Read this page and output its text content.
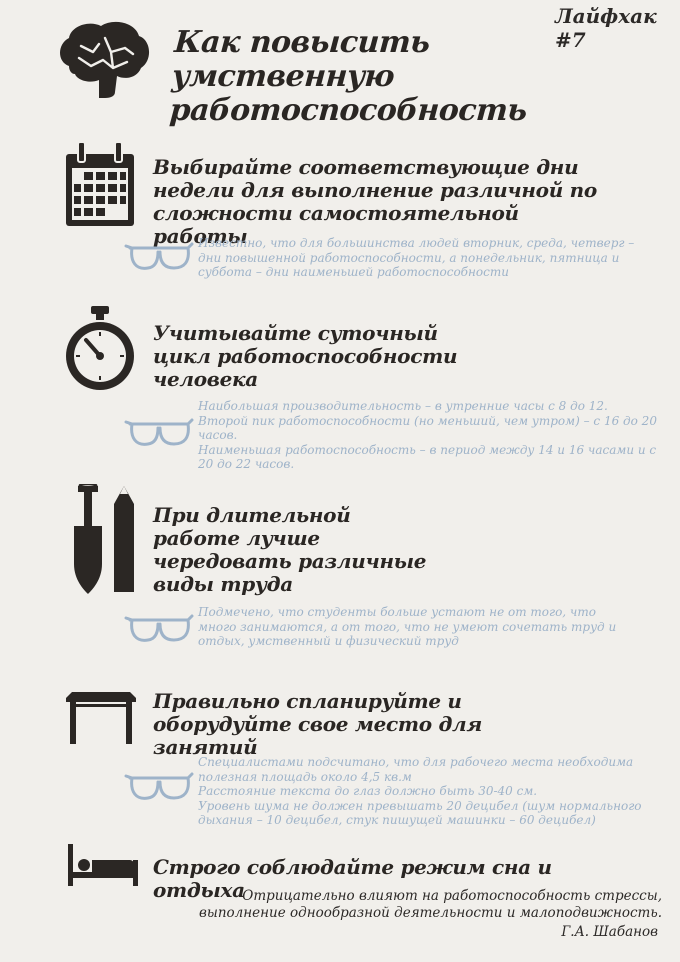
Лайфхак #7
Как повысить умственную работоспособность
Выбирайте соответствующие дни недели для выполнение различной по сложности самостоятельной работы
Известно, что для большинства людей вторник, среда, четверг – дни повышенной работоспособности, а понедельник, пятница и суббота – дни наименьшей работоспособности
Учитывайте суточный цикл работоспособности человека
Наибольшая производительность – в утренние часы с 8 до 12.
Второй пик работоспособности (но меньший, чем утром) – с 16 до 20 часов.
Наименьшая работоспособность – в период между 14 и 16 часами и с 20 до 22 часов.
При длительной работе лучше чередовать различные виды труда
Подмечено, что студенты больше устают не от того, что много занимаются, а от того, что не умеют сочетать труд и отдых, умственный и физический труд
Правильно спланируйте и оборудуйте свое место для занятий
Специалистами подсчитано, что для рабочего места необходима полезная площадь около 4,5 кв.м
Расстояние текста до глаз должно быть 30-40 см.
Уровень шума не должен превышать 20 децибел (шум нормального дыхания – 10 децибел, стук пишущей машинки – 60 децибел)
Строго соблюдайте режим сна и отдыха
Отрицательно влияют на работоспособность стрессы, выполнение однообразной деятельности и малоподвижность.
Г.А. Шабанов
